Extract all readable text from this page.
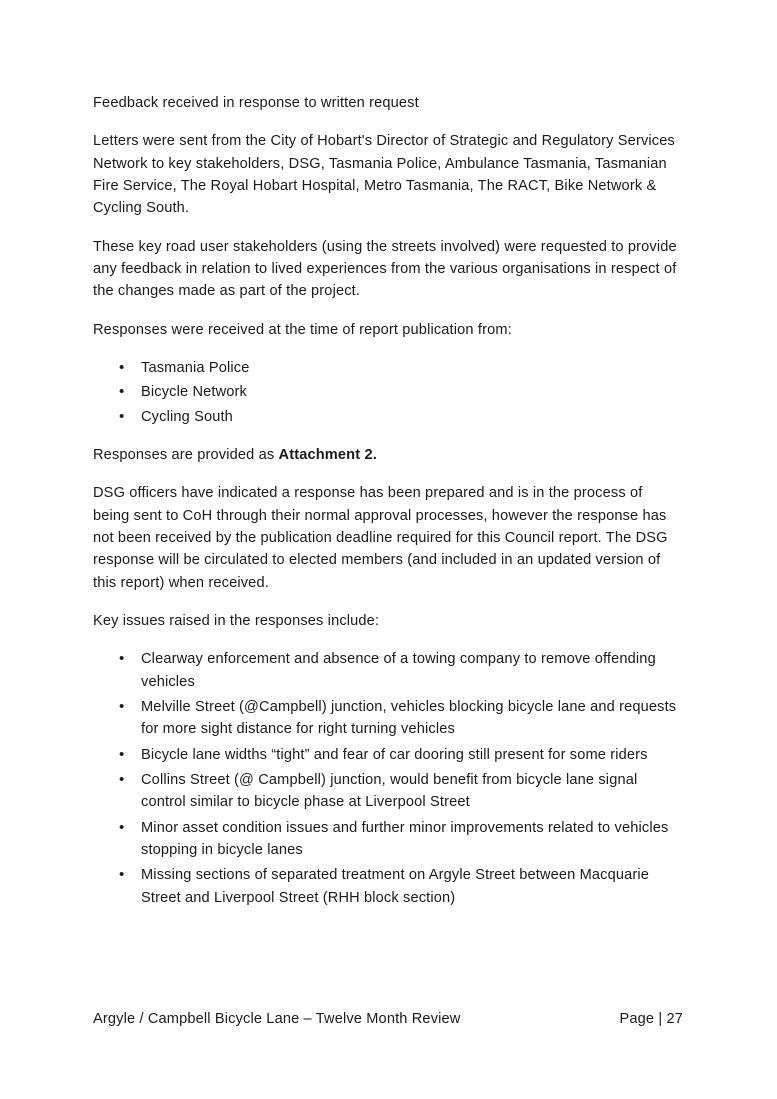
Feedback received in response to written request

Letters were sent from the City of Hobart's Director of Strategic and Regulatory Services Network to key stakeholders, DSG, Tasmania Police, Ambulance Tasmania, Tasmanian Fire Service, The Royal Hobart Hospital, Metro Tasmania, The RACT, Bike Network & Cycling South.

These key road user stakeholders (using the streets involved) were requested to provide any feedback in relation to lived experiences from the various organisations in respect of the changes made as part of the project.

Responses were received at the time of report publication from:

• Tasmania Police
• Bicycle Network
• Cycling South

Responses are provided as Attachment 2.

DSG officers have indicated a response has been prepared and is in the process of being sent to CoH through their normal approval processes, however the response has not been received by the publication deadline required for this Council report. The DSG response will be circulated to elected members (and included in an updated version of this report) when received.

Key issues raised in the responses include:

• Clearway enforcement and absence of a towing company to remove offending vehicles
• Melville Street (@Campbell) junction, vehicles blocking bicycle lane and requests for more sight distance for right turning vehicles
• Bicycle lane widths “tight” and fear of car dooring still present for some riders
• Collins Street (@ Campbell) junction, would benefit from bicycle lane signal control similar to bicycle phase at Liverpool Street
• Minor asset condition issues and further minor improvements related to vehicles stopping in bicycle lanes
• Missing sections of separated treatment on Argyle Street between Macquarie Street and Liverpool Street (RHH block section)
Argyle / Campbell Bicycle Lane – Twelve Month Review	Page | 27
